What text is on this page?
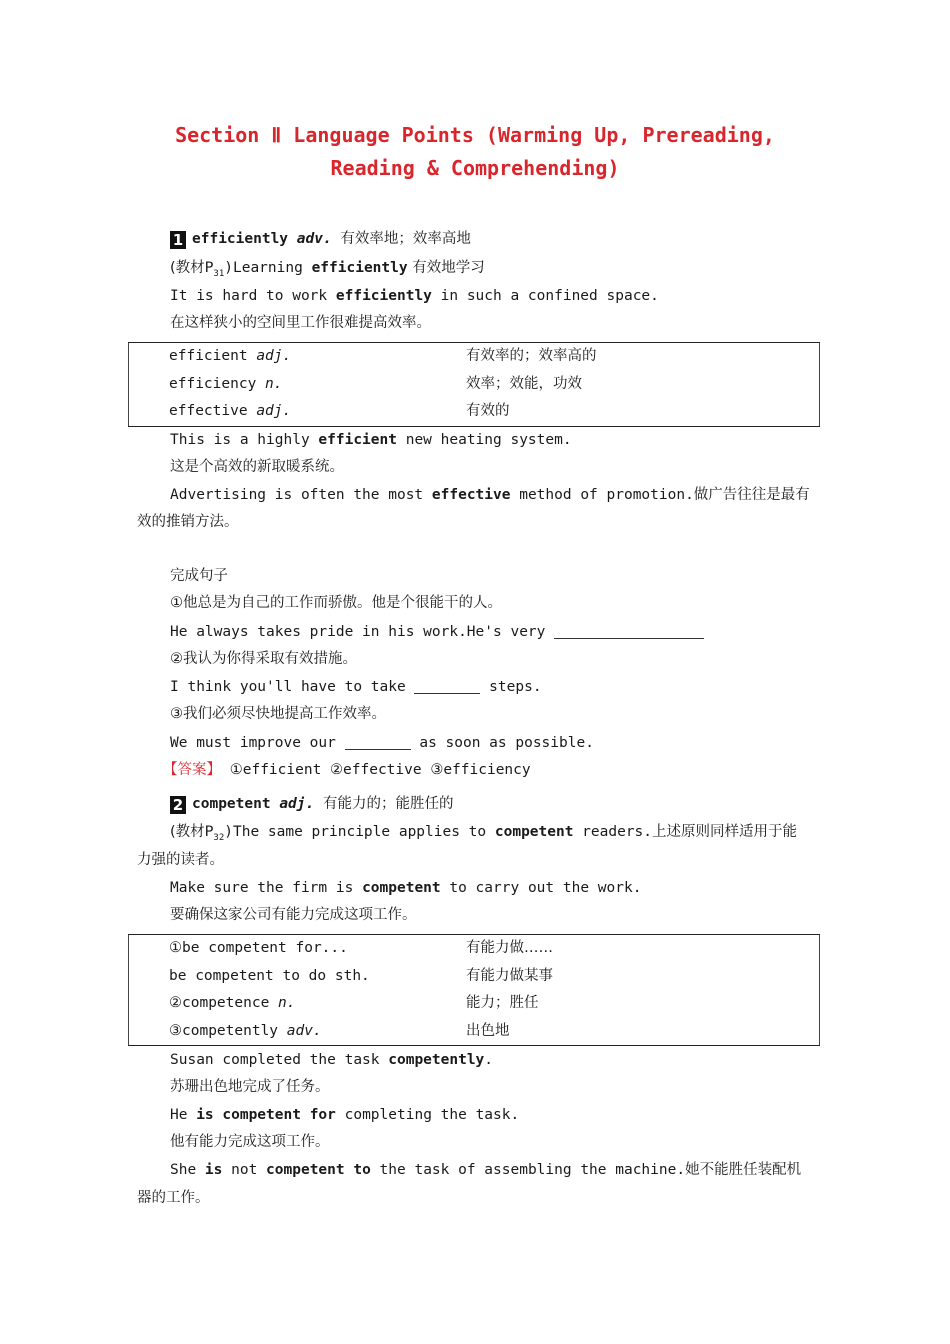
Section Ⅱ Language Points (Warming Up, Prereading,
Reading & Comprehending)
1 efficiently adv. 有效率地；效率高地
(教材$P_{31})Learning$ efficiently 有效地学习
It is hard to work efficiently in such a confined space.
在这样狭小的空间里工作很难提高效率。
efficient adj.	有效率的；效率高的
efficiency n.	效率；效能，功效
effective adj.	有效的
This is a highly efficient new heating system.
这是个高效的新取暖系统。
Advertising is often the most effective method of promotion.做广告往往是最有
效的推销方法。
完成句子
①他总是为自己的工作而骄傲。他是个很能干的人。
He always takes pride in his work.He's very
②我认为你得采取有效措施。
I think you'll have to take	steps.
③我们必须尽快地提高工作效率。
We must improve our	as soon as possible.
【答案】 ①efficient ②effective ③efficiency
2 competent adj. 有能力的；能胜任的
(教材$P_{32})The$ same principle applies to competent readers.上述原则同样适用于能
力强的读者。
Make sure the firm is competent to carry out the work.
要确保这家公司有能力完成这项工作。
①be competent for...	有能力做……
be competent to do sth.	有能力做某事
②competence n.	能力；胜任
③competently adv.	出色地
Susan completed the task competently.
苏珊出色地完成了任务。
He is competent for completing the task.
他有能力完成这项工作。
She is not competent to the task of assembling the machine.她不能胜任装配机
器的工作。
